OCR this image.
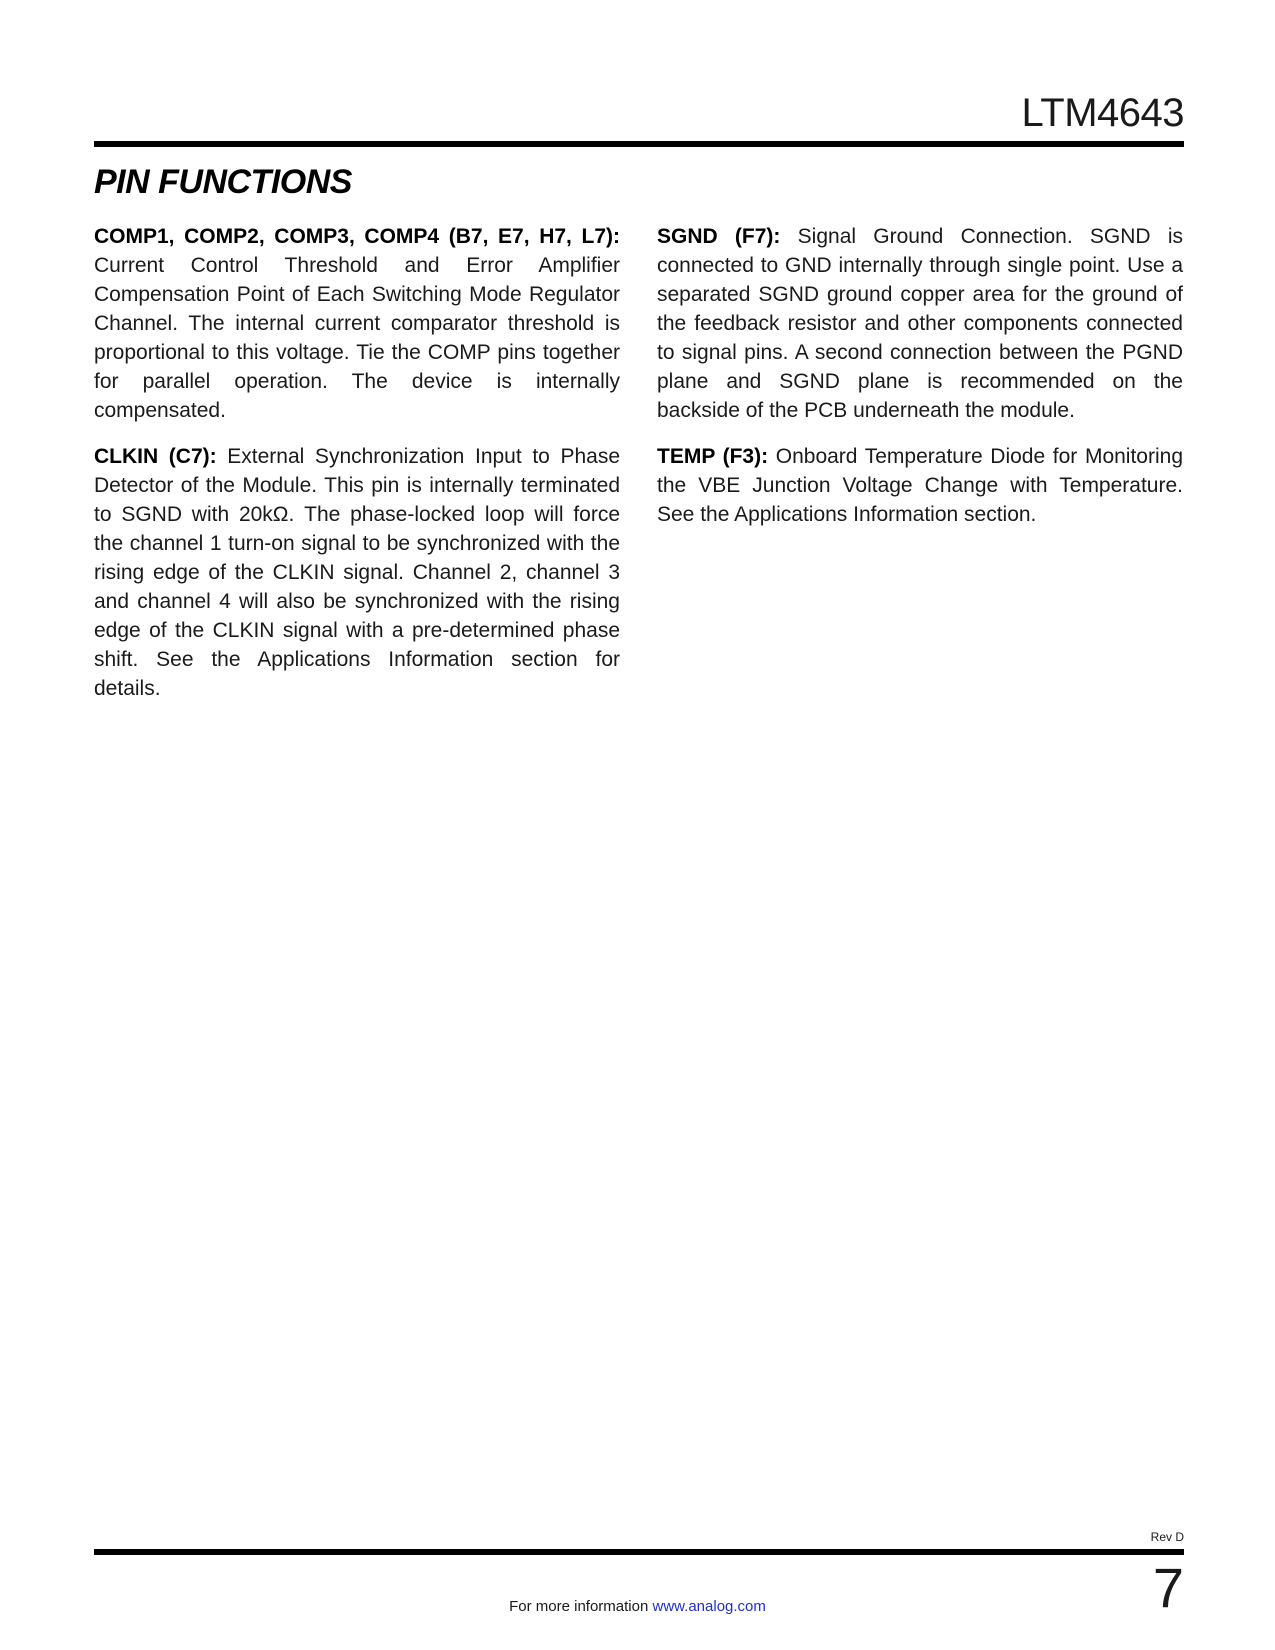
LTM4643
PIN FUNCTIONS

COMP1, COMP2, COMP3, COMP4 (B7, E7, H7, L7): Current Control Threshold and Error Amplifier Compensation Point of Each Switching Mode Regulator Channel. The internal current comparator threshold is proportional to this voltage. Tie the COMP pins together for parallel operation. The device is internally compensated.

CLKIN (C7): External Synchronization Input to Phase Detector of the Module. This pin is internally terminated to SGND with 20kΩ. The phase-locked loop will force the channel 1 turn-on signal to be synchronized with the rising edge of the CLKIN signal. Channel 2, channel 3 and channel 4 will also be synchronized with the rising edge of the CLKIN signal with a pre-determined phase shift. See the Applications Information section for details.

SGND (F7): Signal Ground Connection. SGND is connected to GND internally through single point. Use a separated SGND ground copper area for the ground of the feedback resistor and other components connected to signal pins. A second connection between the PGND plane and SGND plane is recommended on the backside of the PCB underneath the module.

TEMP (F3): Onboard Temperature Diode for Monitoring the VBE Junction Voltage Change with Temperature. See the Applications Information section.

Rev D
7
For more information www.analog.com
